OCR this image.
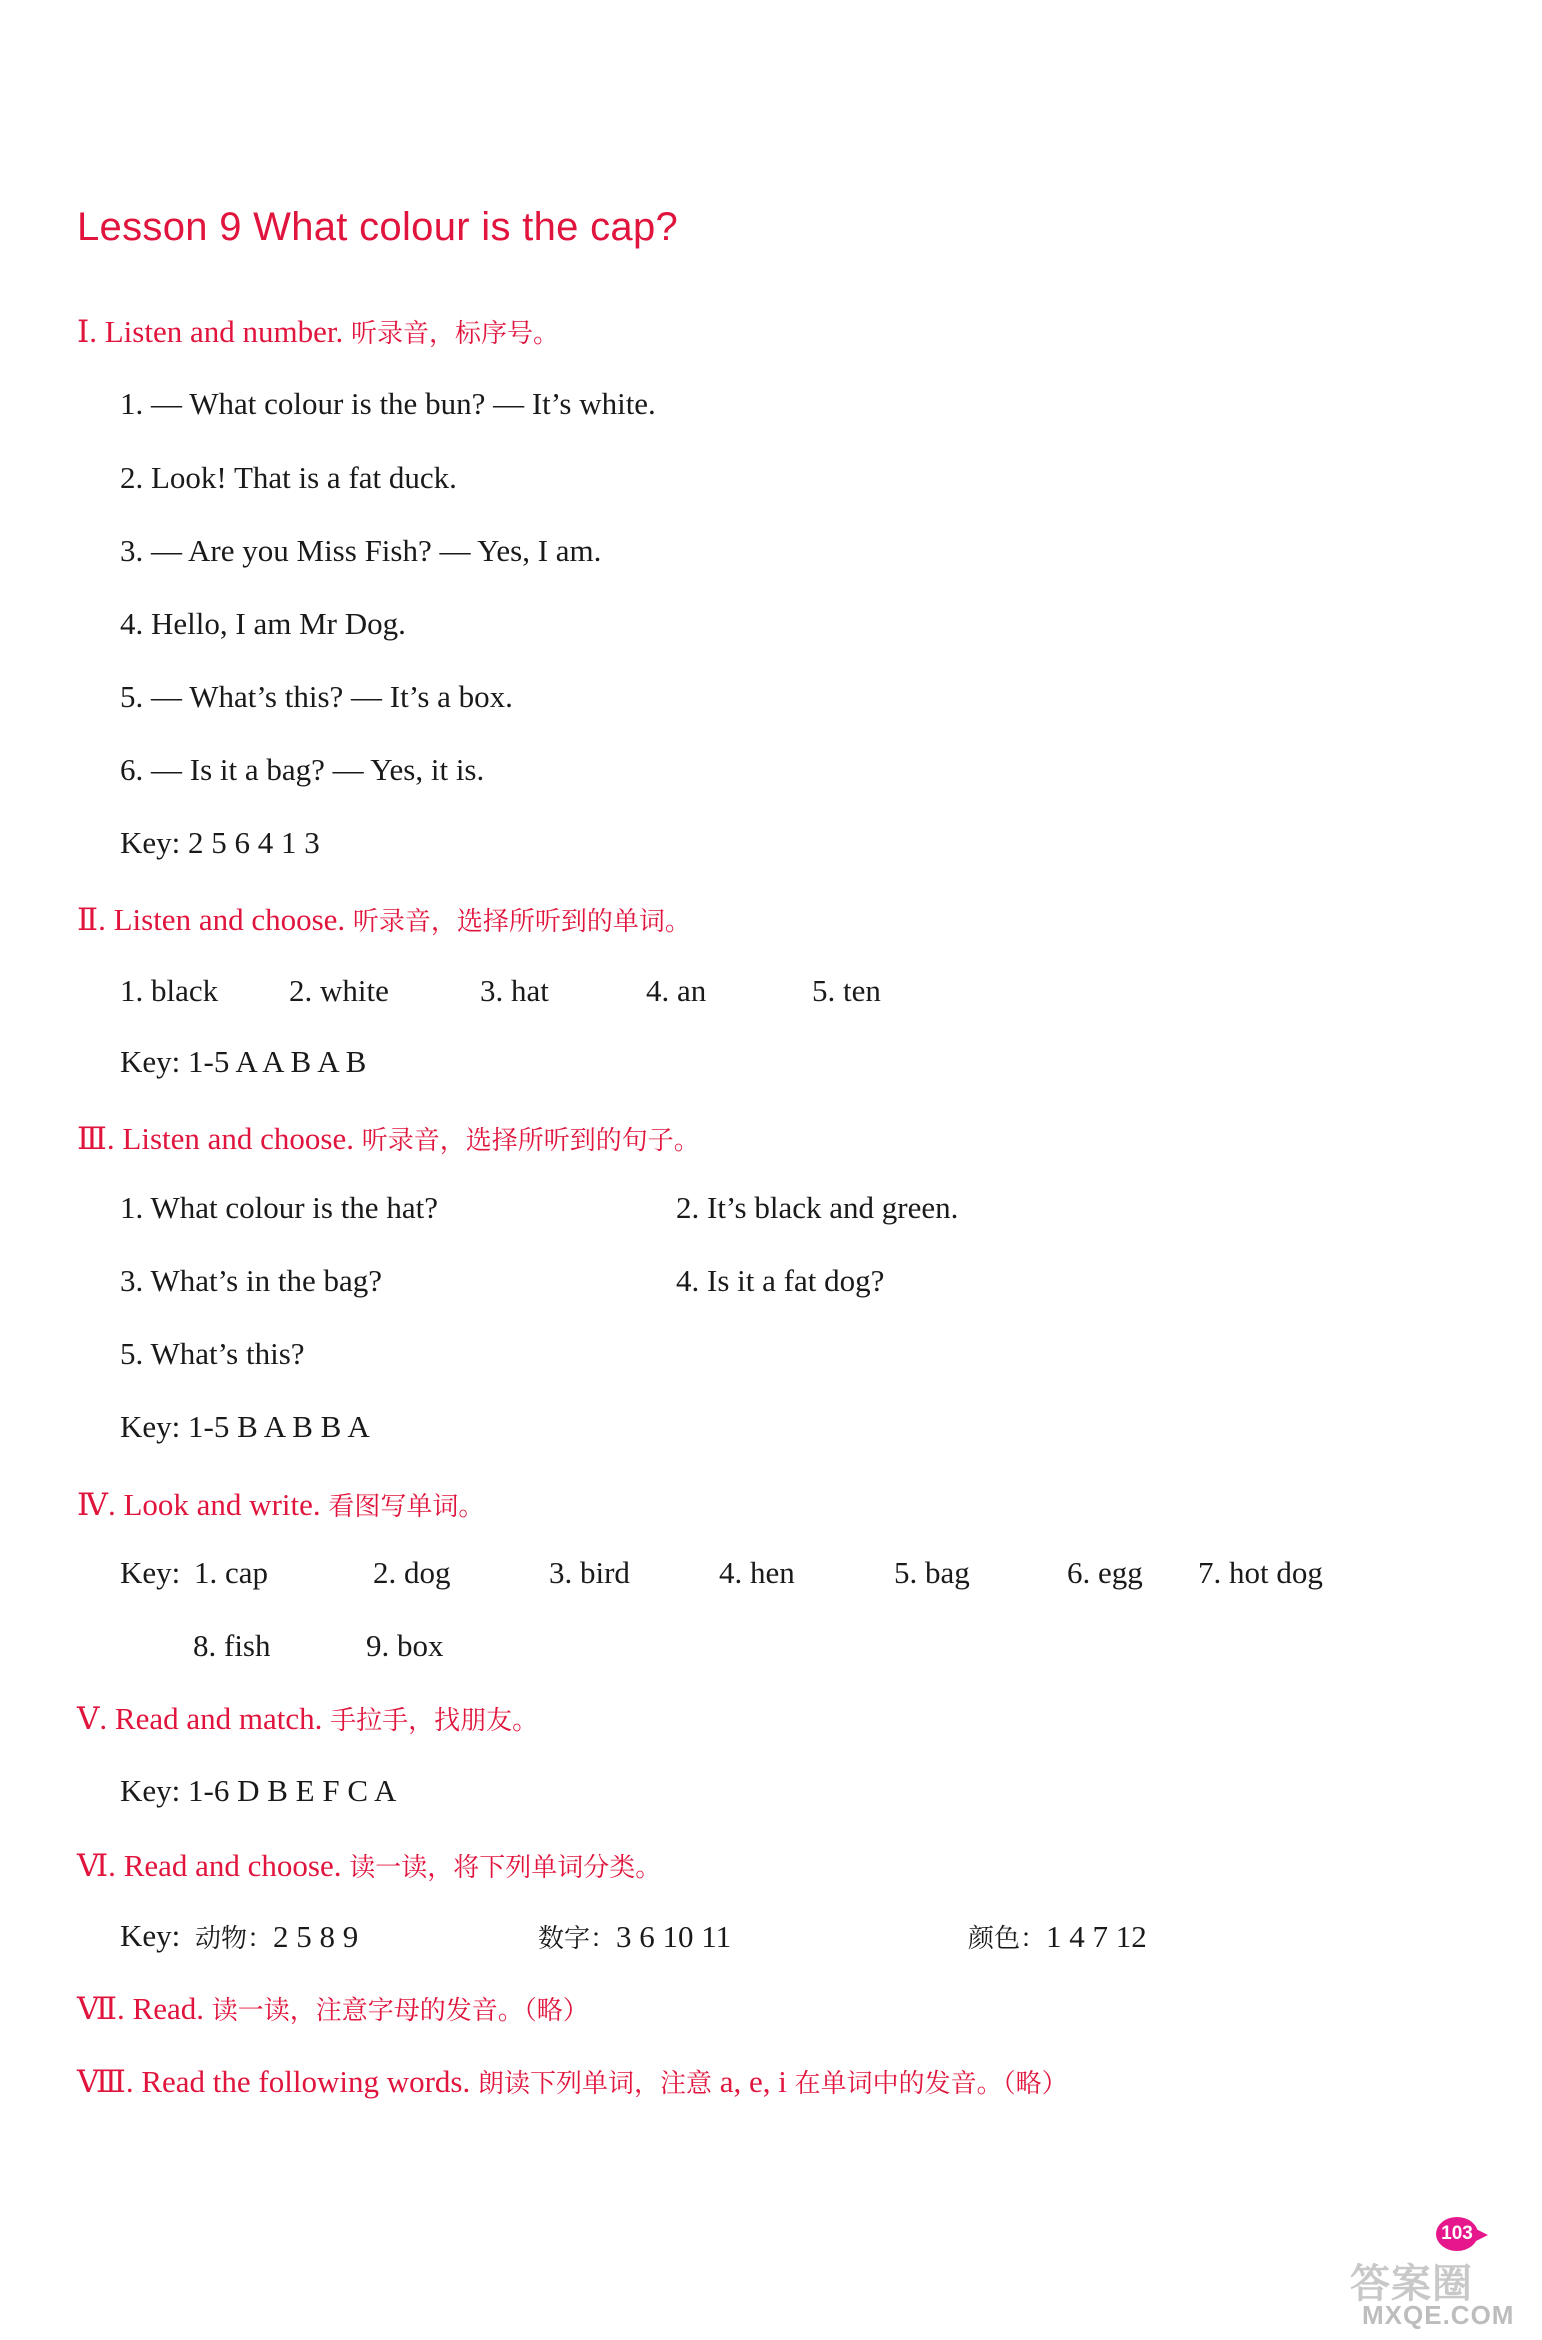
Lesson 9 What colour is the cap?
Ⅰ. Listen and number. 听录音，标序号。
1. — What colour is the bun? — It’s white.
2. Look! That is a fat duck.
3. — Are you Miss Fish? — Yes, I am.
4. Hello, I am Mr Dog.
5. — What’s this? — It’s a box.
6. — Is it a bag? — Yes, it is.
Key: 2 5 6 4 1 3
Ⅱ. Listen and choose. 听录音，选择所听到的单词。
1. black 2. white	3. hat	4. an	5. ten
Key: 1-5 A A B A B
Ⅲ. Listen and choose. 听录音，选择所听到的句子。
1. What colour is the hat?	2. It’s black and green.
3. What’s in the bag?	4. Is it a fat dog?
5. What’s this?
Key: 1-5 B A B B A
Ⅳ. Look and write. 看图写单词。
Key: 1. cap	2. dog	3. bird	4. hen	5. bag	6. egg 7. hot dog
8. fish	9. box
Ⅴ. Read and match. 手拉手，找朋友。
Key: 1-6 D B E F C A
Ⅵ. Read and choose. 读一读，将下列单词分类。
Key: 动物：2 5 8 9	数字：3 6 10 11	颜色：1 4 7 12
Ⅶ. Read. 读一读，注意字母的发音。（略）
Ⅷ. Read the following words. 朗读下列单词，注意 a, e, i 在单词中的发音。（略）
103
答案圈
MXQE.COM
